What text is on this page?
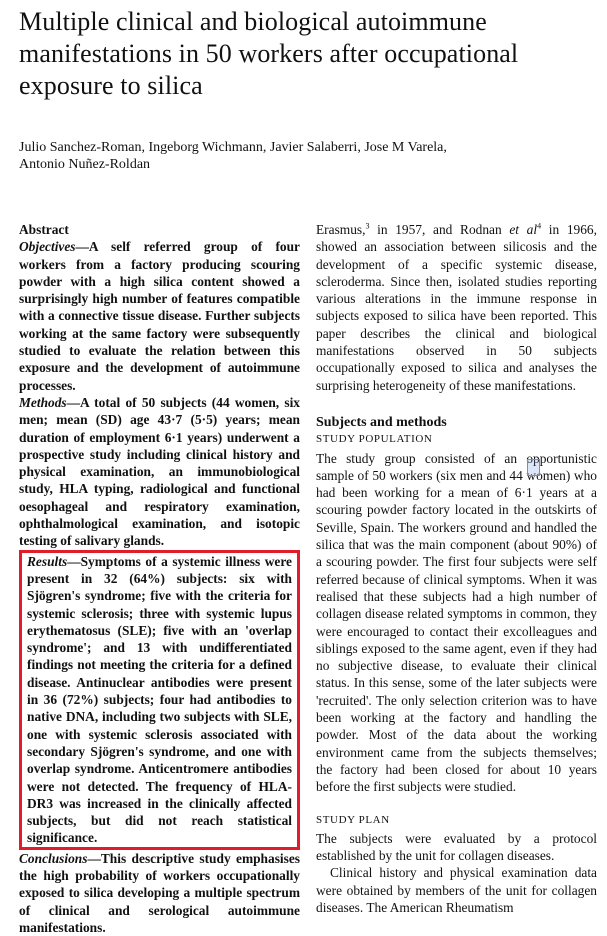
Multiple clinical and biological autoimmune manifestations in 50 workers after occupational exposure to silica
Julio Sanchez-Roman, Ingeborg Wichmann, Javier Salaberri, Jose M Varela,
Antonio Nuñez-Roldan

Abstract

Objectives—A self referred group of four workers from a factory producing scouring powder with a high silica content showed a surprisingly high number of features compatible with a connective tissue disease. Further subjects working at the same factory were subsequently studied to evaluate the relation between this exposure and the development of autoimmune processes.

Methods—A total of 50 subjects (44 women, six men; mean (SD) age 43·7 (5·5) years; mean duration of employment 6·1 years) underwent a prospective study including clinical history and physical examination, an immunobiological study, HLA typing, radiological and functional oesophageal and respiratory examination, ophthalmological examination, and isotopic testing of salivary glands.

Results—Symptoms of a systemic illness were present in 32 (64%) subjects: six with Sjögren's syndrome; five with the criteria for systemic sclerosis; three with systemic lupus erythematosus (SLE); five with an 'overlap syndrome'; and 13 with undifferentiated findings not meeting the criteria for a defined disease. Antinuclear antibodies were present in 36 (72%) subjects; four had antibodies to native DNA, including two subjects with SLE, one with systemic sclerosis associated with secondary Sjögren's syndrome, and one with overlap syndrome. Anticentromere antibodies were not detected. The frequency of HLA-DR3 was increased in the clinically affected subjects, but did not reach statistical significance.

Conclusions—This descriptive study emphasises the high probability of workers occupationally exposed to silica developing a multiple spectrum of clinical and serological autoimmune manifestations.

Erasmus,$^3$ in 1957, and Rodnan et $al^4$ in 1966, showed an association between silicosis and the development of a specific systemic disease, scleroderma. Since then, isolated studies reporting various alterations in the immune response in subjects exposed to silica have been reported. This paper describes the clinical and biological manifestations observed in 50 subjects occupationally exposed to silica and analyses the surprising heterogeneity of these manifestations.

Subjects and methods

STUDY POPULATION

The study group consisted of an opportunistic sample of 50 workers (six men and 44 women) who had been working for a mean of 6·1 years at a scouring powder factory located in the outskirts of Seville, Spain. The workers ground and handled the silica that was the main component (about 90%) of a scouring powder. The first four subjects were self referred because of clinical symptoms. When it was realised that these subjects had a high number of collagen disease related symptoms in common, they were encouraged to contact their excolleagues and siblings exposed to the same agent, even if they had no subjective disease, to evaluate their clinical status. In this sense, some of the later subjects were 'recruited'. The only selection criterion was to have been working at the factory and handling the powder. Most of the data about the working environment came from the subjects themselves; the factory had been closed for about 10 years before the first subjects were studied.

STUDY PLAN

The subjects were evaluated by a protocol established by the unit for collagen diseases.

Clinical history and physical examination data were obtained by members of the unit for collagen diseases. The American Rheumatism
